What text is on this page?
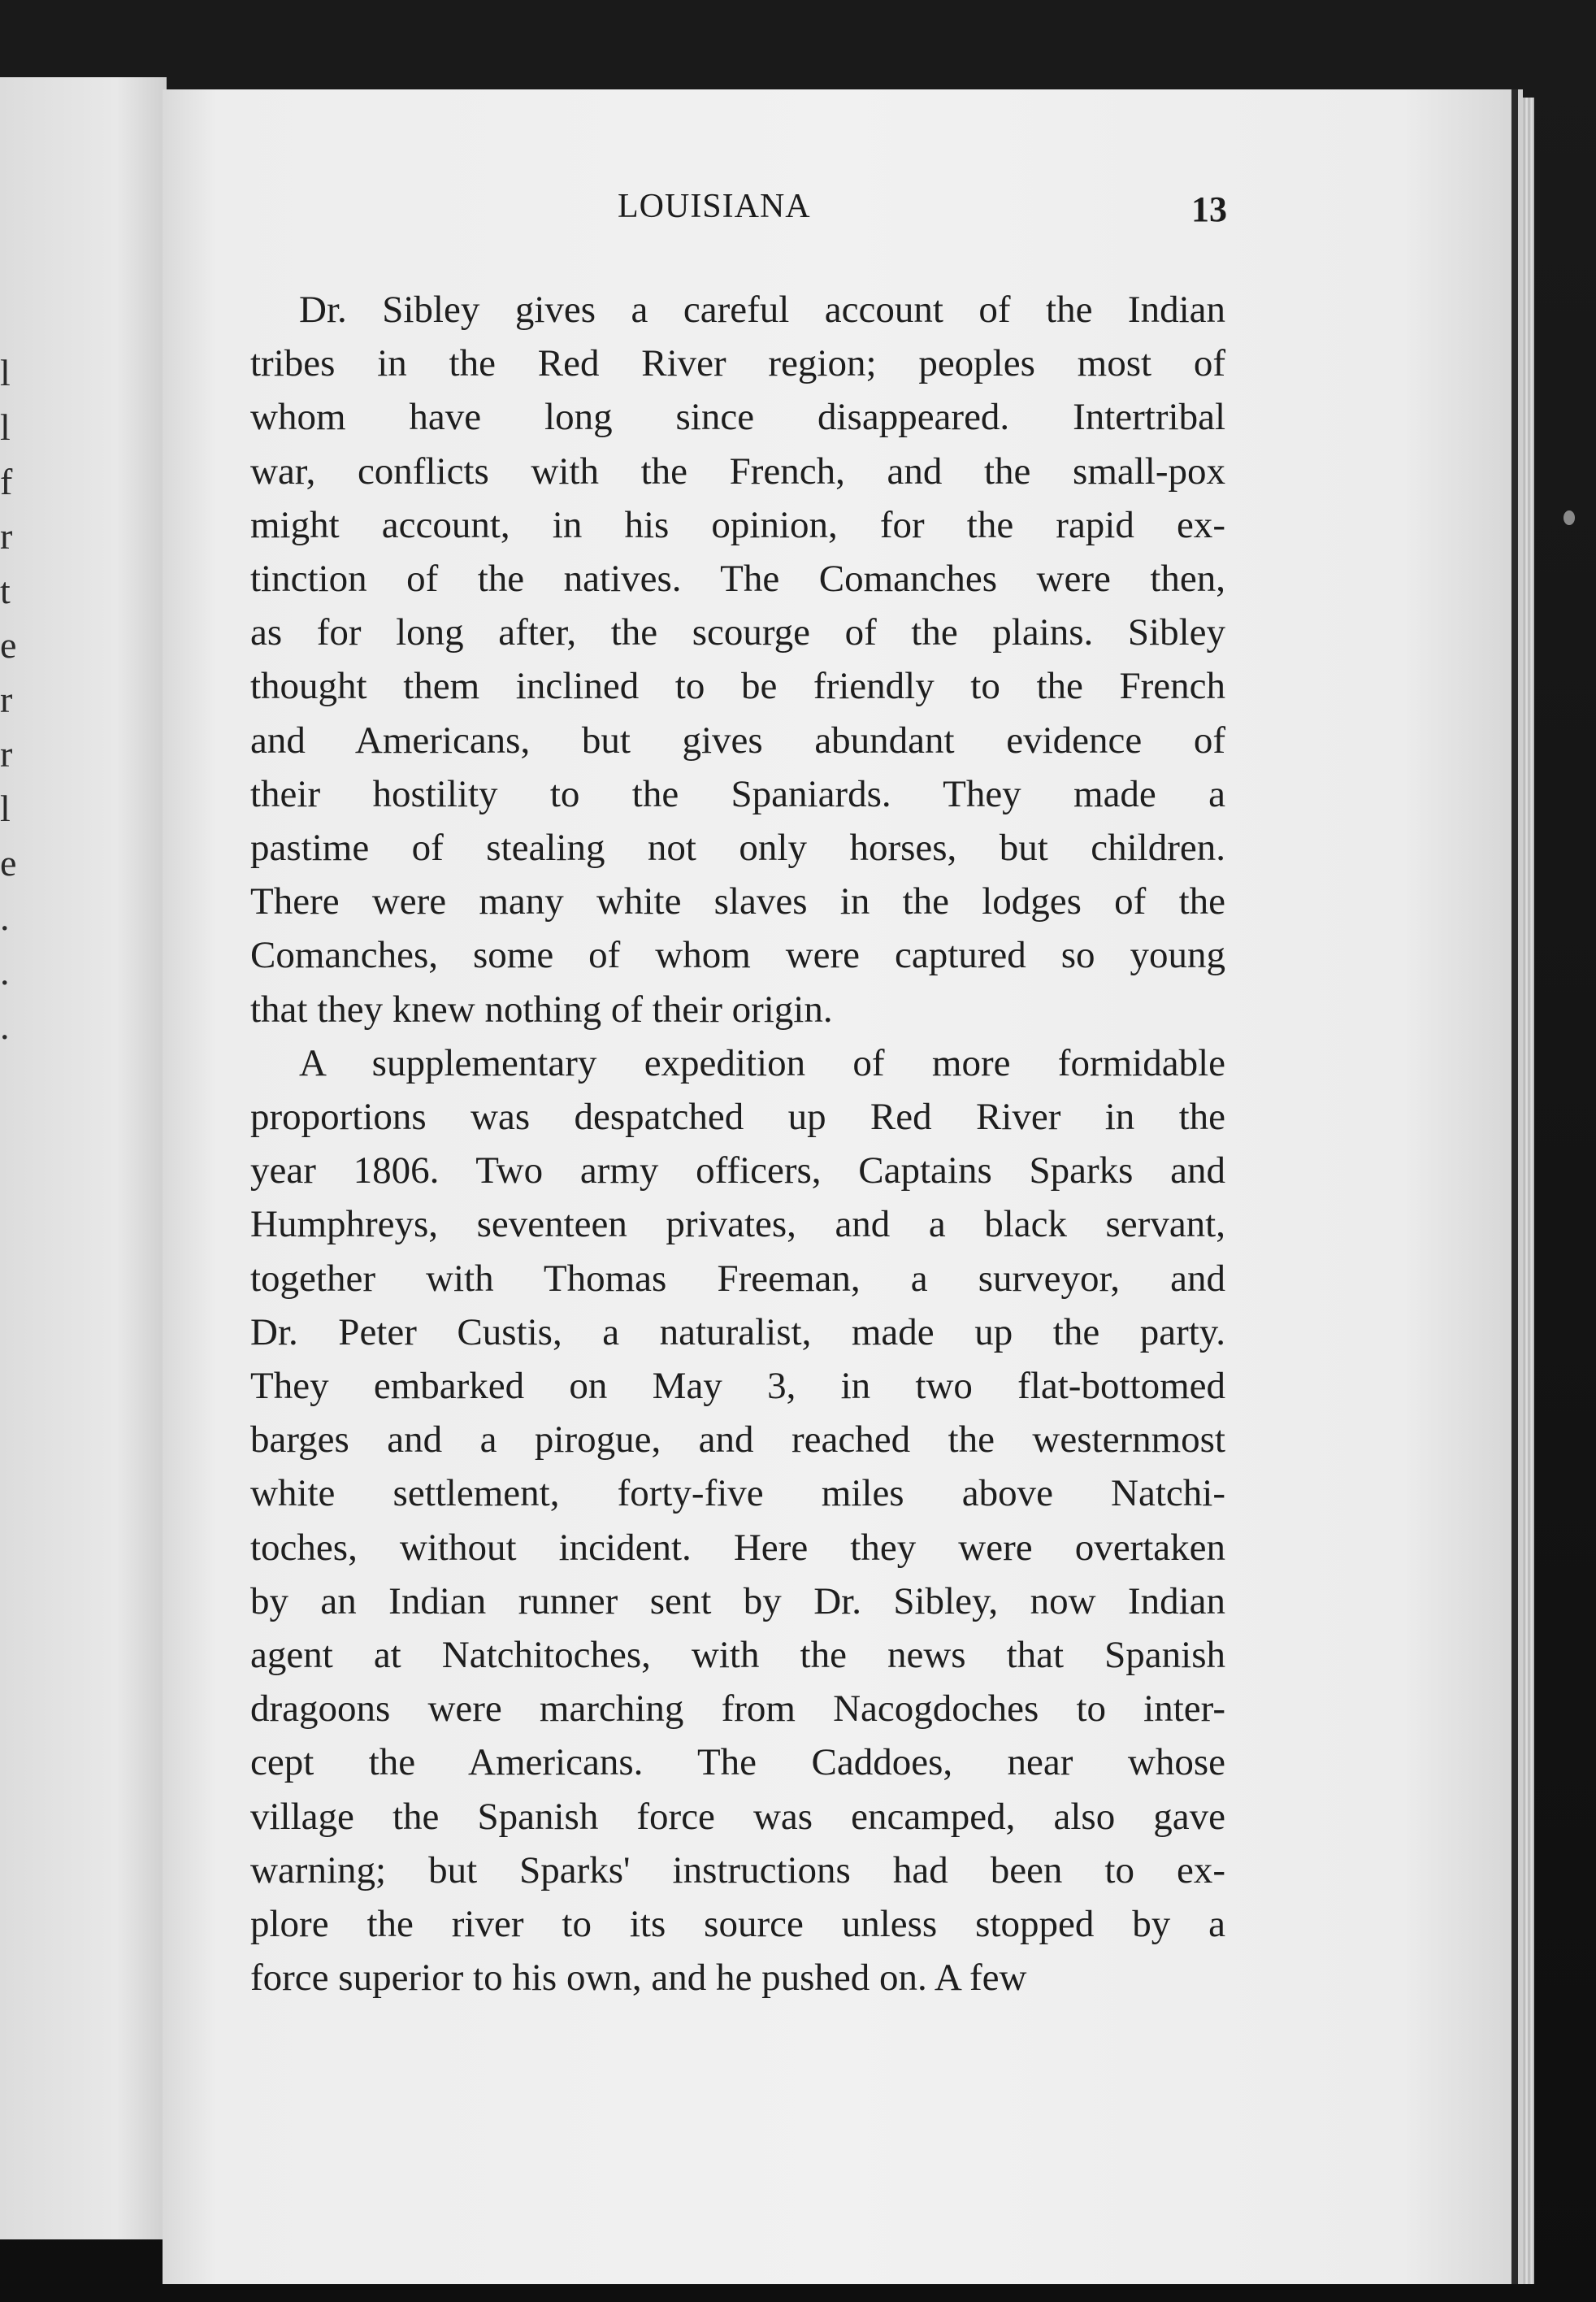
l
l
f
r
t
e
r
r
l
e
.
.
.
LOUISIANA	13
Dr. Sibley gives a careful account of the Indian
tribes in the Red River region; peoples most of
whom have long since disappeared. Intertribal
war, conflicts with the French, and the small-pox
might account, in his opinion, for the rapid ex-
tinction of the natives. The Comanches were then,
as for long after, the scourge of the plains. Sibley
thought them inclined to be friendly to the French
and Americans, but gives abundant evidence of
their hostility to the Spaniards. They made a
pastime of stealing not only horses, but children.
There were many white slaves in the lodges of the
Comanches, some of whom were captured so young
that they knew nothing of their origin.
A supplementary expedition of more formidable
proportions was despatched up Red River in the
year 1806. Two army officers, Captains Sparks and
Humphreys, seventeen privates, and a black servant,
together with Thomas Freeman, a surveyor, and
Dr. Peter Custis, a naturalist, made up the party.
They embarked on May 3, in two flat-bottomed
barges and a pirogue, and reached the westernmost
white settlement, forty-five miles above Natchi-
toches, without incident. Here they were overtaken
by an Indian runner sent by Dr. Sibley, now Indian
agent at Natchitoches, with the news that Spanish
dragoons were marching from Nacogdoches to inter-
cept the Americans. The Caddoes, near whose
village the Spanish force was encamped, also gave
warning; but Sparks' instructions had been to ex-
plore the river to its source unless stopped by a
force superior to his own, and he pushed on. A few
